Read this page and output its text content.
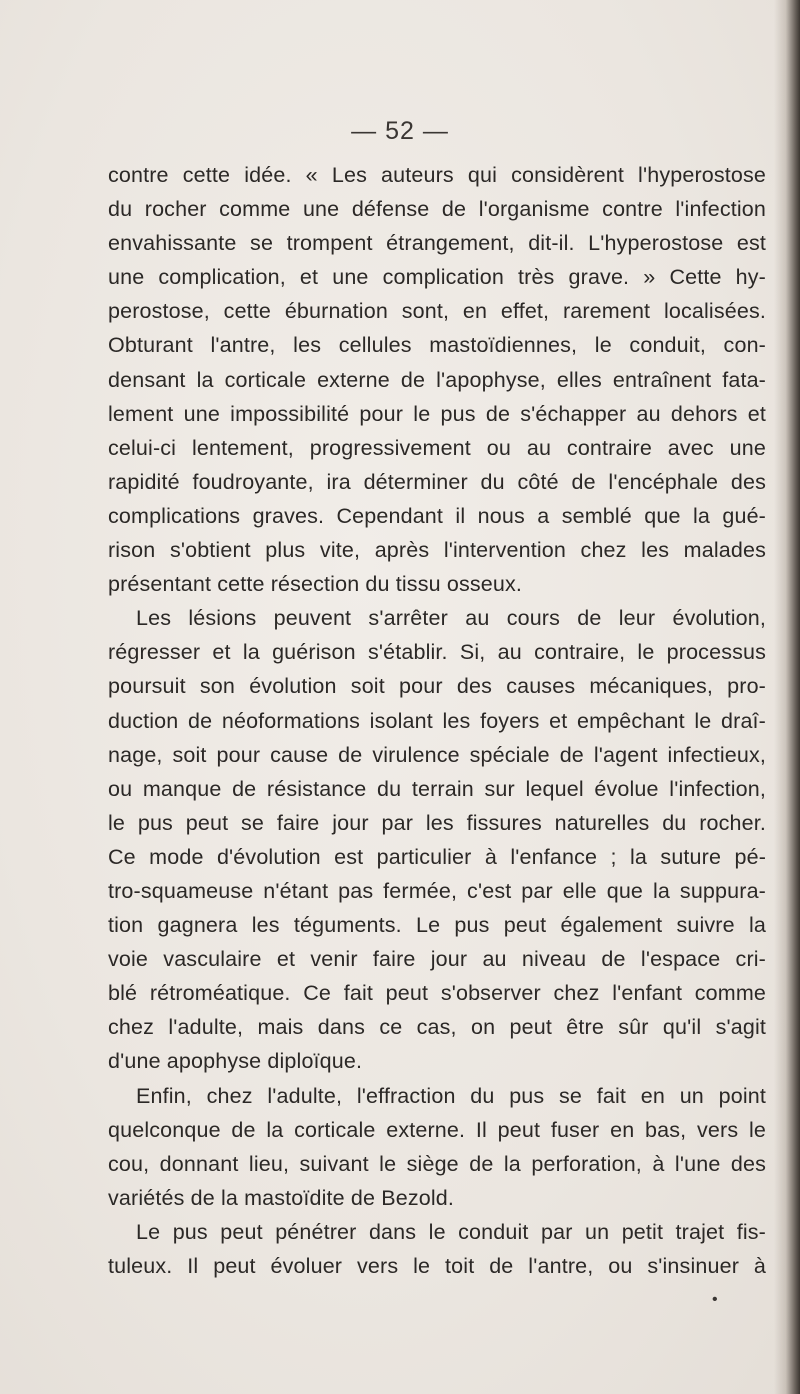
— 52 —
contre cette idée. « Les auteurs qui considèrent l'hyperostose
du rocher comme une défense de l'organisme contre l'infection
envahissante se trompent étrangement, dit-il. L'hyperostose est
une complication, et une complication très grave. » Cette hy-
perostose, cette éburnation sont, en effet, rarement localisées.
Obturant l'antre, les cellules mastoïdiennes, le conduit, con-
densant la corticale externe de l'apophyse, elles entraînent fata-
lement une impossibilité pour le pus de s'échapper au dehors et
celui-ci lentement, progressivement ou au contraire avec une
rapidité foudroyante, ira déterminer du côté de l'encéphale des
complications graves. Cependant il nous a semblé que la gué-
rison s'obtient plus vite, après l'intervention chez les malades
présentant cette résection du tissu osseux.
Les lésions peuvent s'arrêter au cours de leur évolution,
régresser et la guérison s'établir. Si, au contraire, le processus
poursuit son évolution soit pour des causes mécaniques, pro-
duction de néoformations isolant les foyers et empêchant le draî-
nage, soit pour cause de virulence spéciale de l'agent infectieux,
ou manque de résistance du terrain sur lequel évolue l'infection,
le pus peut se faire jour par les fissures naturelles du rocher.
Ce mode d'évolution est particulier à l'enfance ; la suture pé-
tro-squameuse n'étant pas fermée, c'est par elle que la suppura-
tion gagnera les téguments. Le pus peut également suivre la
voie vasculaire et venir faire jour au niveau de l'espace cri-
blé rétroméatique. Ce fait peut s'observer chez l'enfant comme
chez l'adulte, mais dans ce cas, on peut être sûr qu'il s'agit
d'une apophyse diploïque.
Enfin, chez l'adulte, l'effraction du pus se fait en un point
quelconque de la corticale externe. Il peut fuser en bas, vers le
cou, donnant lieu, suivant le siège de la perforation, à l'une des
variétés de la mastoïdite de Bezold.
Le pus peut pénétrer dans le conduit par un petit trajet fis-
tuleux. Il peut évoluer vers le toit de l'antre, ou s'insinuer à
•
